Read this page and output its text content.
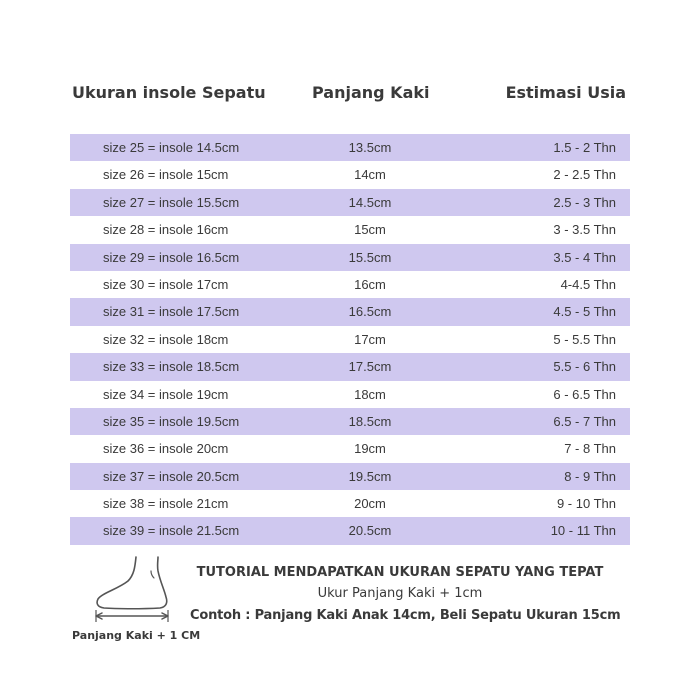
Ukuran insole Sepatu	Panjang Kaki	Estimasi Usia
size 25 = insole 14.5cm	13.5cm	1.5 - 2 Thn
size 26 = insole 15cm	14cm	2 - 2.5 Thn
size 27 = insole 15.5cm	14.5cm	2.5 - 3 Thn
size 28 = insole 16cm	15cm	3 - 3.5 Thn
size 29 = insole 16.5cm	15.5cm	3.5 - 4 Thn
size 30 = insole 17cm	16cm	4-4.5 Thn
size 31 = insole 17.5cm	16.5cm	4.5 - 5 Thn
size 32 = insole 18cm	17cm	5 - 5.5 Thn
size 33 = insole 18.5cm	17.5cm	5.5 - 6 Thn
size 34 = insole 19cm	18cm	6 - 6.5 Thn
size 35 = insole 19.5cm	18.5cm	6.5 - 7 Thn
size 36 = insole 20cm	19cm	7 - 8 Thn
size 37 = insole 20.5cm	19.5cm	8 - 9 Thn
size 38 = insole 21cm	20cm	9 - 10 Thn
size 39 = insole 21.5cm	20.5cm	10 - 11 Thn
Panjang Kaki + 1 CM
TUTORIAL MENDAPATKAN UKURAN SEPATU YANG TEPAT
Ukur Panjang Kaki + 1cm
Contoh : Panjang Kaki Anak 14cm, Beli Sepatu Ukuran 15cm
